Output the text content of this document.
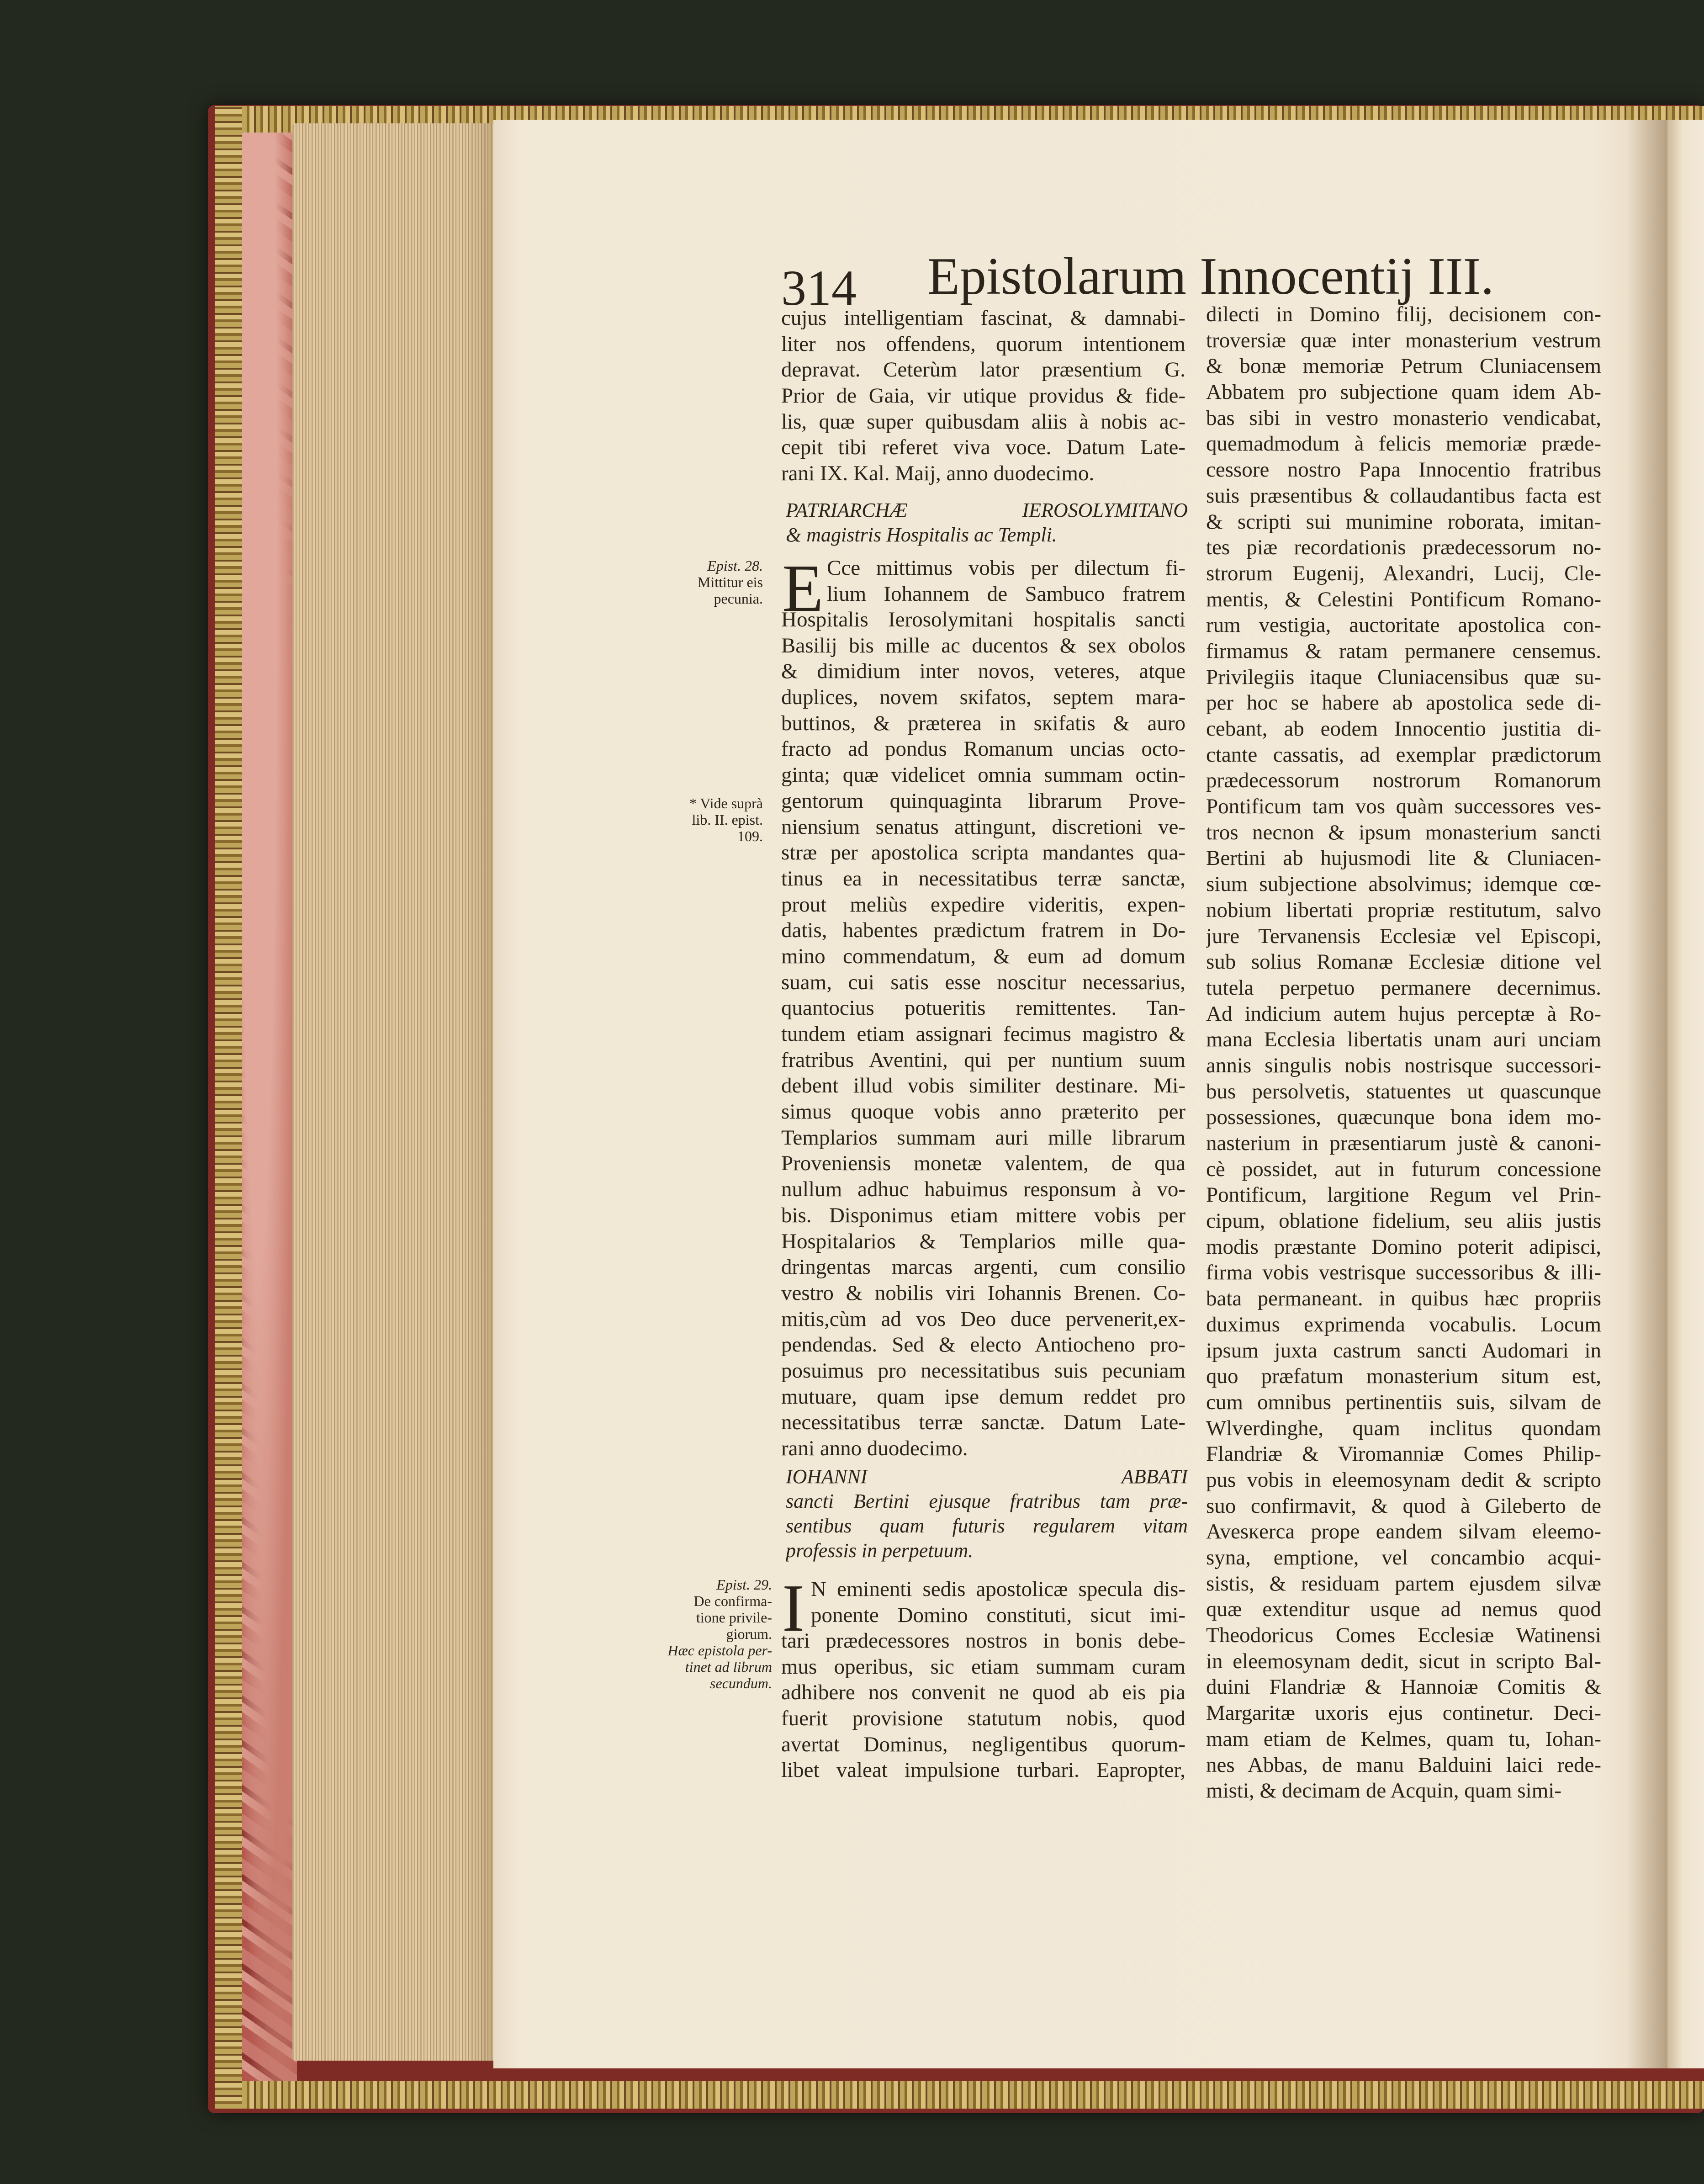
314	Epistolarum Innocentij III.
cujus intelligentiam fascinat, & damnabi-
liter nos offendens, quorum intentionem
depravat. Ceterùm lator præsentium G.
Prior de Gaia, vir utique providus & fide-
lis, quæ super quibusdam aliis à nobis ac-
cepit tibi referet viva voce. Datum Late-
rani IX. Kal. Maij, anno duodecimo.
PATRIARCHÆ IEROSOLYMITANO
& magistris Hospitalis ac Templi.
Epist. 28.
Mittitur eis
pecunia. E Cce mittimus vobis per dilectum fi-
lium Iohannem de Sambuco fratrem
Hospitalis Ierosolymitani hospitalis sancti
Basilij bis mille ac ducentos & sex obolos
& dimidium inter novos, veteres, atque
duplices, novem sкifatos, septem mara-
buttinos, & præterea in sкifatis & auro
fracto ad pondus Romanum uncias octo-
ginta; quæ videlicet omnia summam octin-
gentorum quinquaginta librarum Prove-
niensium senatus attingunt, discretioni ve-
stræ per apostolica scripta mandantes qua-
tinus ea in necessitatibus terræ sanctæ,
prout meliùs expedire videritis, expen-
datis, habentes prædictum fratrem in Do-
mino commendatum, & eum ad domum
suam, cui satis esse noscitur necessarius,
quantocius potueritis remittentes. Tan-
tundem etiam assignari fecimus magistro &
fratribus Aventini, qui per nuntium suum
debent illud vobis similiter destinare. Mi-
simus quoque vobis anno præterito per
Templarios summam auri mille librarum
Proveniensis monetæ valentem, de qua
nullum adhuc habuimus responsum à vo-
bis. Disponimus etiam mittere vobis per
Hospitalarios & Templarios mille qua-
dringentas marcas argenti, cum consilio
vestro & nobilis viri Iohannis Brenen. Co-
mitis,cùm ad vos Deo duce pervenerit,ex-
pendendas. Sed & electo Antiocheno pro-
posuimus pro necessitatibus suis pecuniam
mutuare, quam ipse demum reddet pro
necessitatibus terræ sanctæ. Datum Late-
rani anno duodecimo.
* Vide suprà
lib. II. epist.
109.
IOHANNI ABBATI
sancti Bertini ejusque fratribus tam præ-
sentibus quam futuris regularem vitam
professis in perpetuum.
Epist. 29.
De confirma-
tione privile-
giorum.
Hæc epistola per-
tinet ad librum
secundum.
I N eminenti sedis apostolicæ specula dis-
ponente Domino constituti, sicut imi-
tari prædecessores nostros in bonis debe-
mus operibus, sic etiam summam curam
adhibere nos convenit ne quod ab eis pia
fuerit provisione statutum nobis, quod
avertat Dominus, negligentibus quorum-
libet valeat impulsione turbari. Eapropter,
dilecti in Domino filij, decisionem con-
troversiæ quæ inter monasterium vestrum
& bonæ memoriæ Petrum Cluniacensem
Abbatem pro subjectione quam idem Ab-
bas sibi in vestro monasterio vendicabat,
quemadmodum à felicis memoriæ præde-
cessore nostro Papa Innocentio fratribus
suis præsentibus & collaudantibus facta est
& scripti sui munimine roborata, imitan-
tes piæ recordationis prædecessorum no-
strorum Eugenij, Alexandri, Lucij, Cle-
mentis, & Celestini Pontificum Romano-
rum vestigia, auctoritate apostolica con-
firmamus & ratam permanere censemus.
Privilegiis itaque Cluniacensibus quæ su-
per hoc se habere ab apostolica sede di-
cebant, ab eodem Innocentio justitia di-
ctante cassatis, ad exemplar prædictorum
prædecessorum nostrorum Romanorum
Pontificum tam vos quàm successores ves-
tros necnon & ipsum monasterium sancti
Bertini ab hujusmodi lite & Cluniacen-
sium subjectione absolvimus; idemque cœ-
nobium libertati propriæ restitutum, salvo
jure Tervanensis Ecclesiæ vel Episcopi,
sub solius Romanæ Ecclesiæ ditione vel
tutela perpetuo permanere decernimus.
Ad indicium autem hujus perceptæ à Ro-
mana Ecclesia libertatis unam auri unciam
annis singulis nobis nostrisque successori-
bus persolvetis, statuentes ut quascunque
possessiones, quæcunque bona idem mo-
nasterium in præsentiarum justè & canoni-
cè possidet, aut in futurum concessione
Pontificum, largitione Regum vel Prin-
cipum, oblatione fidelium, seu aliis justis
modis præstante Domino poterit adipisci,
firma vobis vestrisque successoribus & illi-
bata permaneant. in quibus hæc propriis
duximus exprimenda vocabulis. Locum
ipsum juxta castrum sancti Audomari in
quo præfatum monasterium situm est,
cum omnibus pertinentiis suis, silvam de
Wlverdinghe, quam inclitus quondam
Flandriæ & Viromanniæ Comes Philip-
pus vobis in eleemosynam dedit & scripto
suo confirmavit, & quod à Gileberto de
Avesкerca prope eandem silvam eleemo-
syna, emptione, vel concambio acqui-
sistis, & residuam partem ejusdem silvæ
quæ extenditur usque ad nemus quod
Theodoricus Comes Ecclesiæ Watinensi
in eleemosynam dedit, sicut in scripto Bal-
duini Flandriæ & Hannoiæ Comitis &
Margaritæ uxoris ejus continetur. Deci-
mam etiam de Kelmes, quam tu, Iohan-
nes Abbas, de manu Balduini laici rede-
misti, & decimam de Acquin, quam simi-
